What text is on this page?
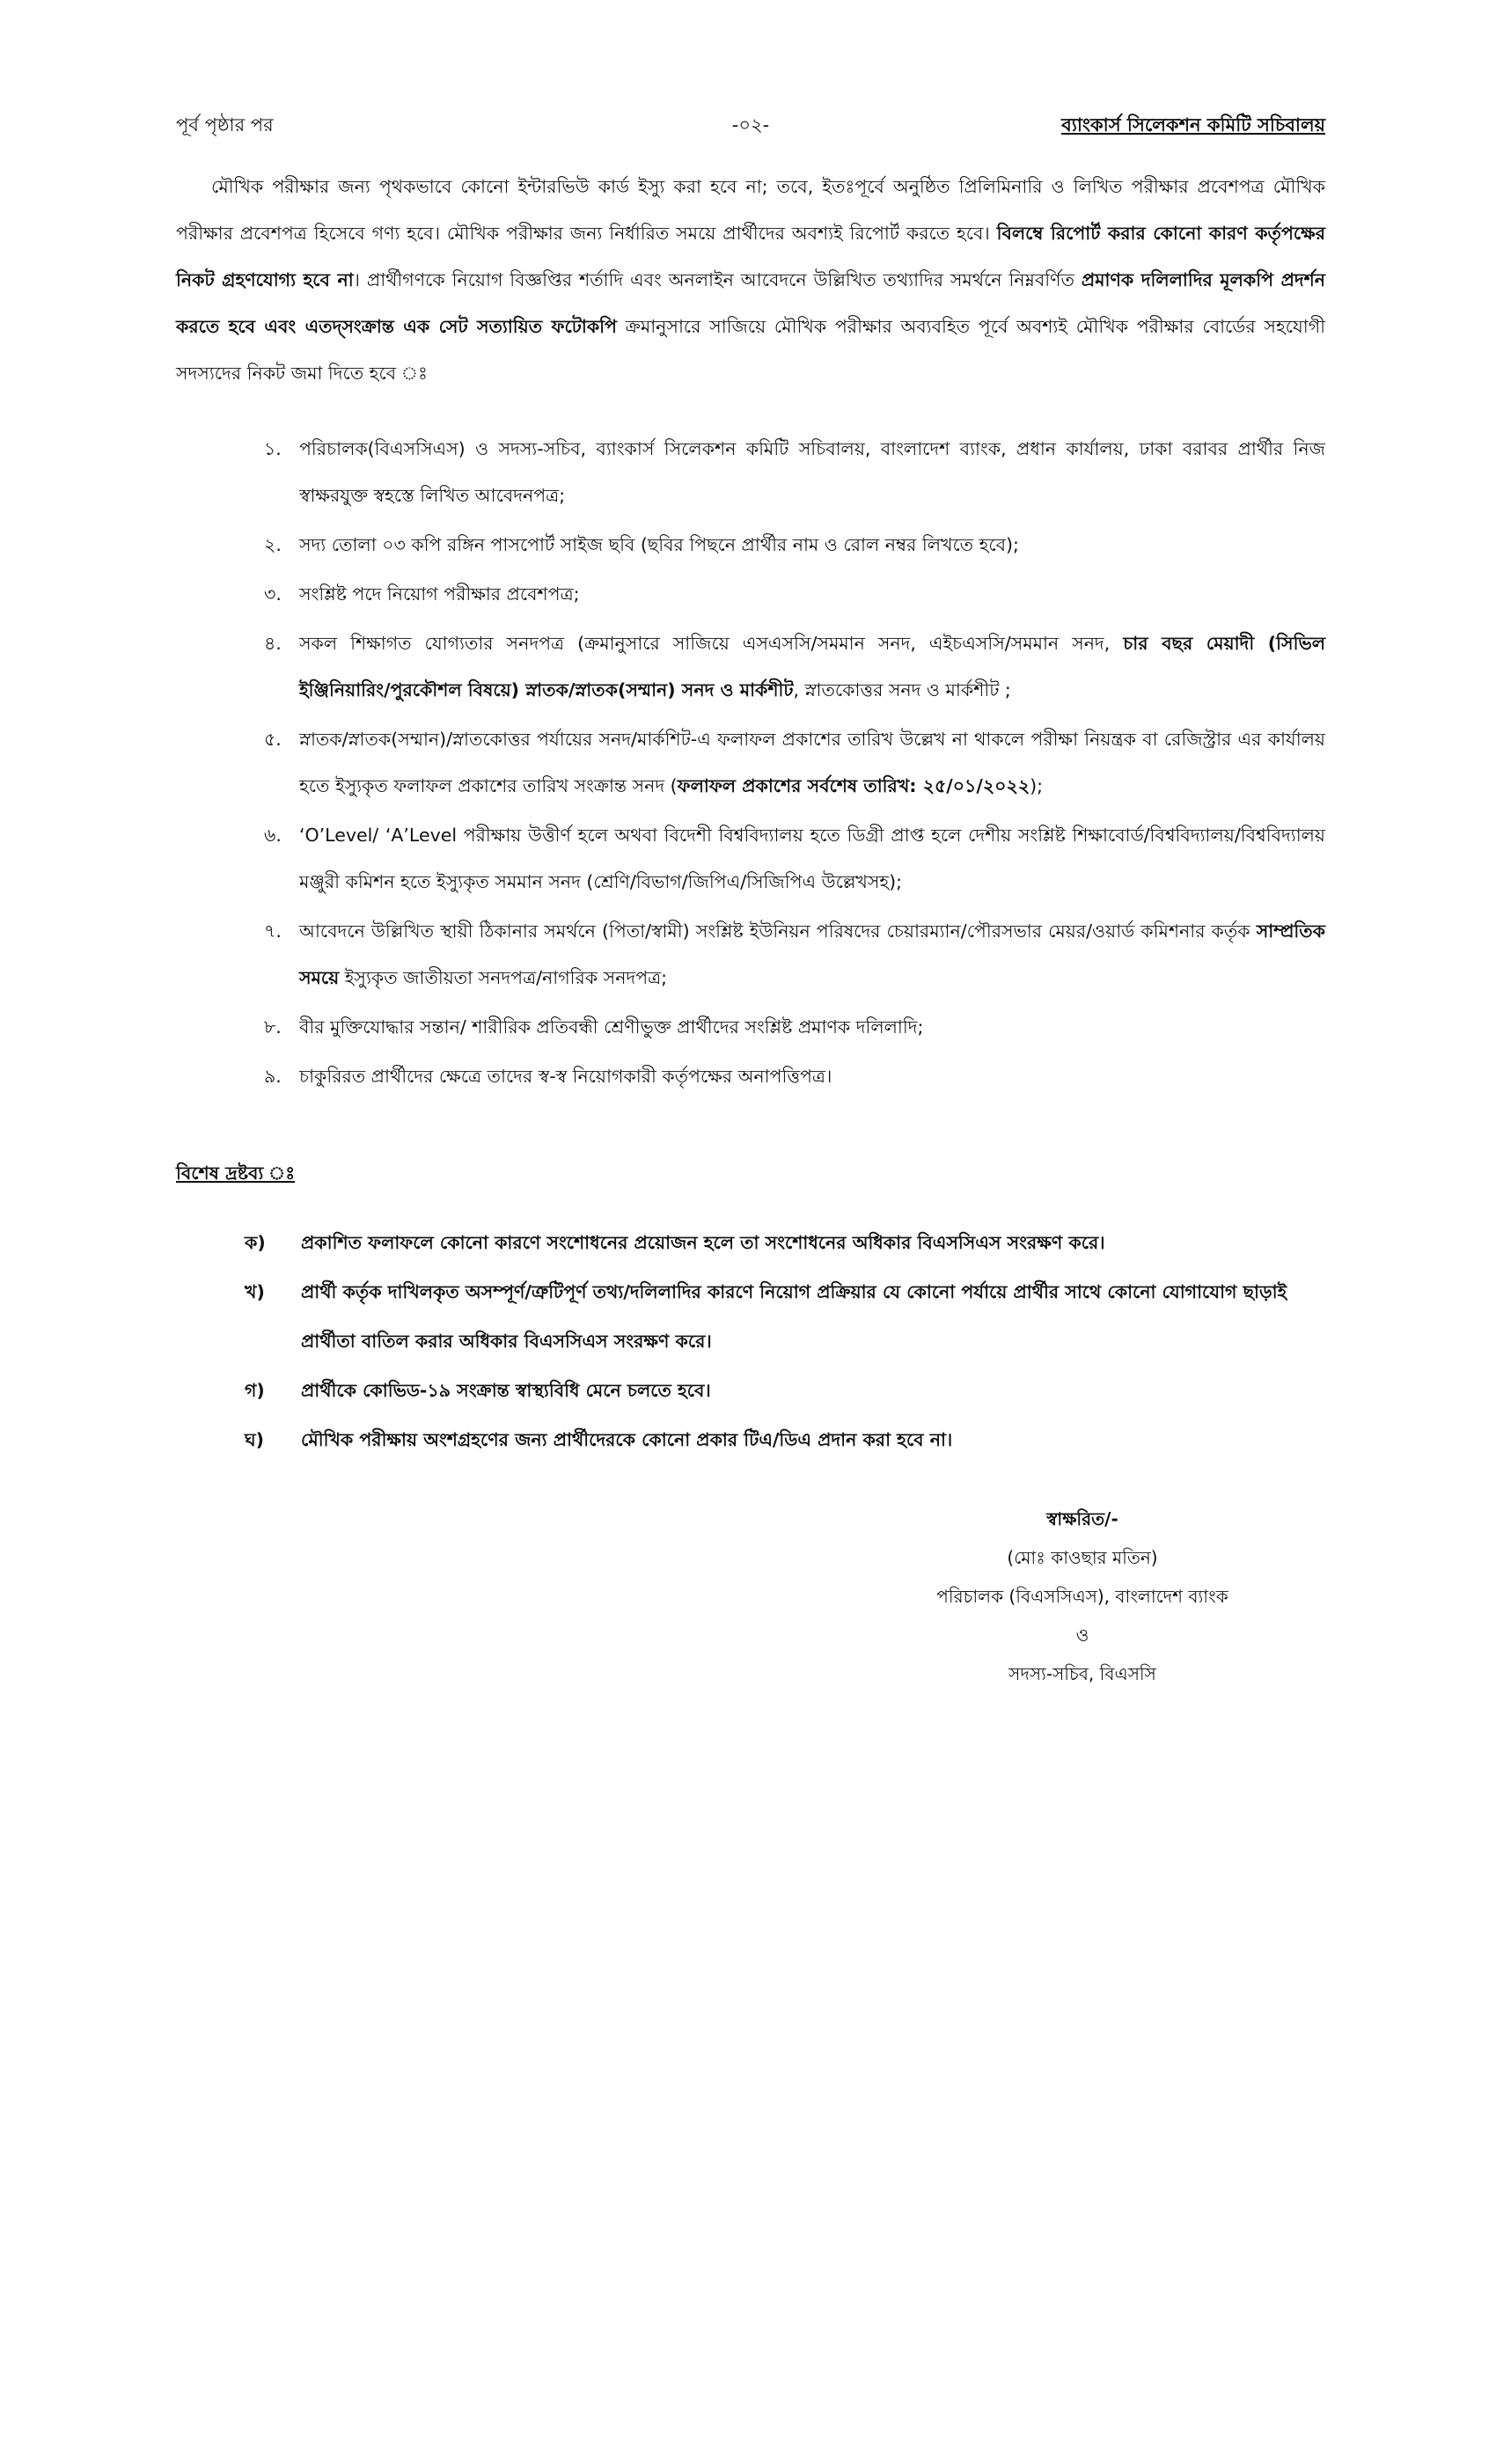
পূর্ব পৃষ্ঠার পর	-০২-	ব্যাংকার্স সিলেকশন কমিটি সচিবালয়
মৌখিক পরীক্ষার জন্য পৃথকভাবে কোনো ইন্টারভিউ কার্ড ইস্যু করা হবে না; তবে, ইতঃপূর্বে অনুষ্ঠিত প্রিলিমিনারি ও লিখিত পরীক্ষার প্রবেশপত্র মৌখিক পরীক্ষার প্রবেশপত্র হিসেবে গণ্য হবে। মৌখিক পরীক্ষার জন্য নির্ধারিত সময়ে প্রার্থীদের অবশ্যই রিপোর্ট করতে হবে। বিলম্বে রিপোর্ট করার কোনো কারণ কর্তৃপক্ষের নিকট গ্রহণযোগ্য হবে না। প্রার্থীগণকে নিয়োগ বিজ্ঞপ্তির শর্তাদি এবং অনলাইন আবেদনে উল্লিখিত তথ্যাদির সমর্থনে নিম্নবর্ণিত প্রমাণক দলিলাদির মূলকপি প্রদর্শন করতে হবে এবং এতদ্‌সংক্রান্ত এক সেট সত্যায়িত ফটোকপি ক্রমানুসারে সাজিয়ে মৌখিক পরীক্ষার অব্যবহিত পূর্বে অবশ্যই মৌখিক পরীক্ষার বোর্ডের সহযোগী সদস্যদের নিকট জমা দিতে হবে ঃ
১. পরিচালক(বিএসসিএস) ও সদস্য-সচিব, ব্যাংকার্স সিলেকশন কমিটি সচিবালয়, বাংলাদেশ ব্যাংক, প্রধান কার্যালয়, ঢাকা বরাবর প্রার্থীর নিজ স্বাক্ষরযুক্ত স্বহস্তে লিখিত আবেদনপত্র;
২. সদ্য তোলা ০৩ কপি রঙ্গিন পাসপোর্ট সাইজ ছবি (ছবির পিছনে প্রার্থীর নাম ও রোল নম্বর লিখতে হবে);
৩. সংশ্লিষ্ট পদে নিয়োগ পরীক্ষার প্রবেশপত্র;
৪. সকল শিক্ষাগত যোগ্যতার সনদপত্র (ক্রমানুসারে সাজিয়ে এসএসসি/সমমান সনদ, এইচএসসি/সমমান সনদ, চার বছর মেয়াদী (সিভিল ইঞ্জিনিয়ারিং/পুরকৌশল বিষয়ে) স্নাতক/স্নাতক(সম্মান) সনদ ও মার্কশীট, স্নাতকোত্তর সনদ ও মার্কশীট ;
৫. স্নাতক/স্নাতক(সম্মান)/স্নাতকোত্তর পর্যায়ের সনদ/মার্কশিট-এ ফলাফল প্রকাশের তারিখ উল্লেখ না থাকলে পরীক্ষা নিয়ন্ত্রক বা রেজিস্ট্রার এর কার্যালয় হতে ইস্যুকৃত ফলাফল প্রকাশের তারিখ সংক্রান্ত সনদ (ফলাফল প্রকাশের সর্বশেষ তারিখ: ২৫/০১/২০২২);
৬. ‘O’Level/ ‘A’Level পরীক্ষায় উত্তীর্ণ হলে অথবা বিদেশী বিশ্ববিদ্যালয় হতে ডিগ্রী প্রাপ্ত হলে দেশীয় সংশ্লিষ্ট শিক্ষাবোর্ড/বিশ্ববিদ্যালয়/বিশ্ববিদ্যালয় মঞ্জুরী কমিশন হতে ইস্যুকৃত সমমান সনদ (শ্রেণি/বিভাগ/জিপিএ/সিজিপিএ উল্লেখসহ);
৭. আবেদনে উল্লিখিত স্থায়ী ঠিকানার সমর্থনে (পিতা/স্বামী) সংশ্লিষ্ট ইউনিয়ন পরিষদের চেয়ারম্যান/পৌরসভার মেয়র/ওয়ার্ড কমিশনার কর্তৃক সাম্প্রতিক সময়ে ইস্যুকৃত জাতীয়তা সনদপত্র/নাগরিক সনদপত্র;
৮. বীর মুক্তিযোদ্ধার সন্তান/ শারীরিক প্রতিবন্ধী শ্রেণীভুক্ত প্রার্থীদের সংশ্লিষ্ট প্রমাণক দলিলাদি;
৯. চাকুরিরত প্রার্থীদের ক্ষেত্রে তাদের স্ব-স্ব নিয়োগকারী কর্তৃপক্ষের অনাপত্তিপত্র।
বিশেষ দ্রষ্টব্য ঃ
ক) প্রকাশিত ফলাফলে কোনো কারণে সংশোধনের প্রয়োজন হলে তা সংশোধনের অধিকার বিএসসিএস সংরক্ষণ করে।
খ) প্রার্থী কর্তৃক দাখিলকৃত অসম্পূর্ণ/ত্রুটিপূর্ণ তথ্য/দলিলাদির কারণে নিয়োগ প্রক্রিয়ার যে কোনো পর্যায়ে প্রার্থীর সাথে কোনো যোগাযোগ ছাড়াই প্রার্থীতা বাতিল করার অধিকার বিএসসিএস সংরক্ষণ করে।
গ) প্রার্থীকে কোভিড-১৯ সংক্রান্ত স্বাস্থ্যবিধি মেনে চলতে হবে।
ঘ) মৌখিক পরীক্ষায় অংশগ্রহণের জন্য প্রার্থীদেরকে কোনো প্রকার টিএ/ডিএ প্রদান করা হবে না।
স্বাক্ষরিত/-
(মোঃ কাওছার মতিন)
পরিচালক (বিএসসিএস), বাংলাদেশ ব্যাংক
ও
সদস্য-সচিব, বিএসসি
